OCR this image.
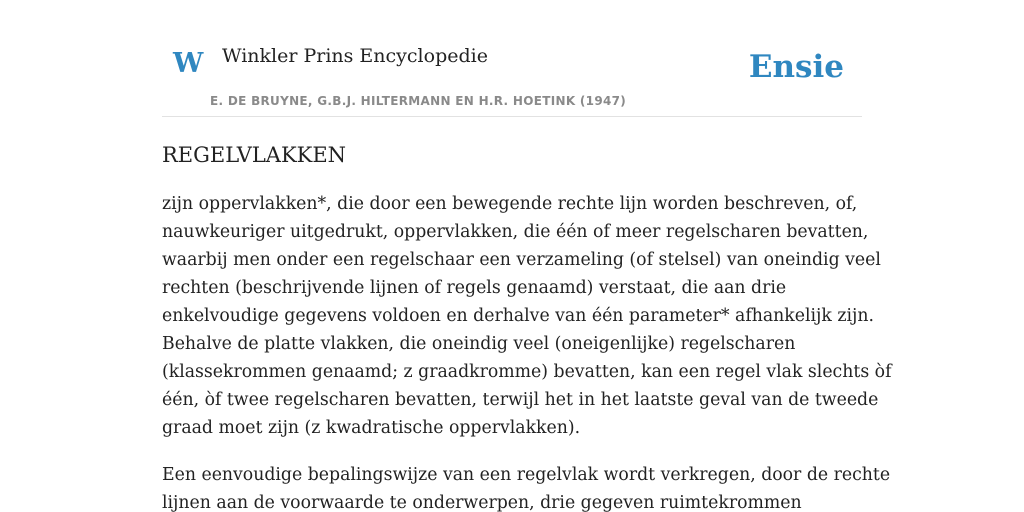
W Winkler Prins Encyclopedie
E. DE BRUYNE, G.B.J. HILTERMANN EN H.R. HOETINK (1947)
Ensie
REGELVLAKKEN

zijn oppervlakken*, die door een bewegende rechte lijn worden beschreven, of,
nauwkeuriger uitgedrukt, oppervlakken, die één of meer regelscharen bevatten,
waarbij men onder een regelschaar een verzameling (of stelsel) van oneindig veel
rechten (beschrijvende lijnen of regels genaamd) verstaat, die aan drie
enkelvoudige gegevens voldoen en derhalve van één parameter* afhankelijk zijn.
Behalve de platte vlakken, die oneindig veel (oneigenlijke) regelscharen
(klassekrommen genaamd; z graadkromme) bevatten, kan een regel vlak slechts òf
één, òf twee regelscharen bevatten, terwijl het in het laatste geval van de tweede
graad moet zijn (z kwadratische oppervlakken).

Een eenvoudige bepalingswijze van een regelvlak wordt verkregen, door de rechte
lijnen aan de voorwaarde te onderwerpen, drie gegeven ruimtekrommen
